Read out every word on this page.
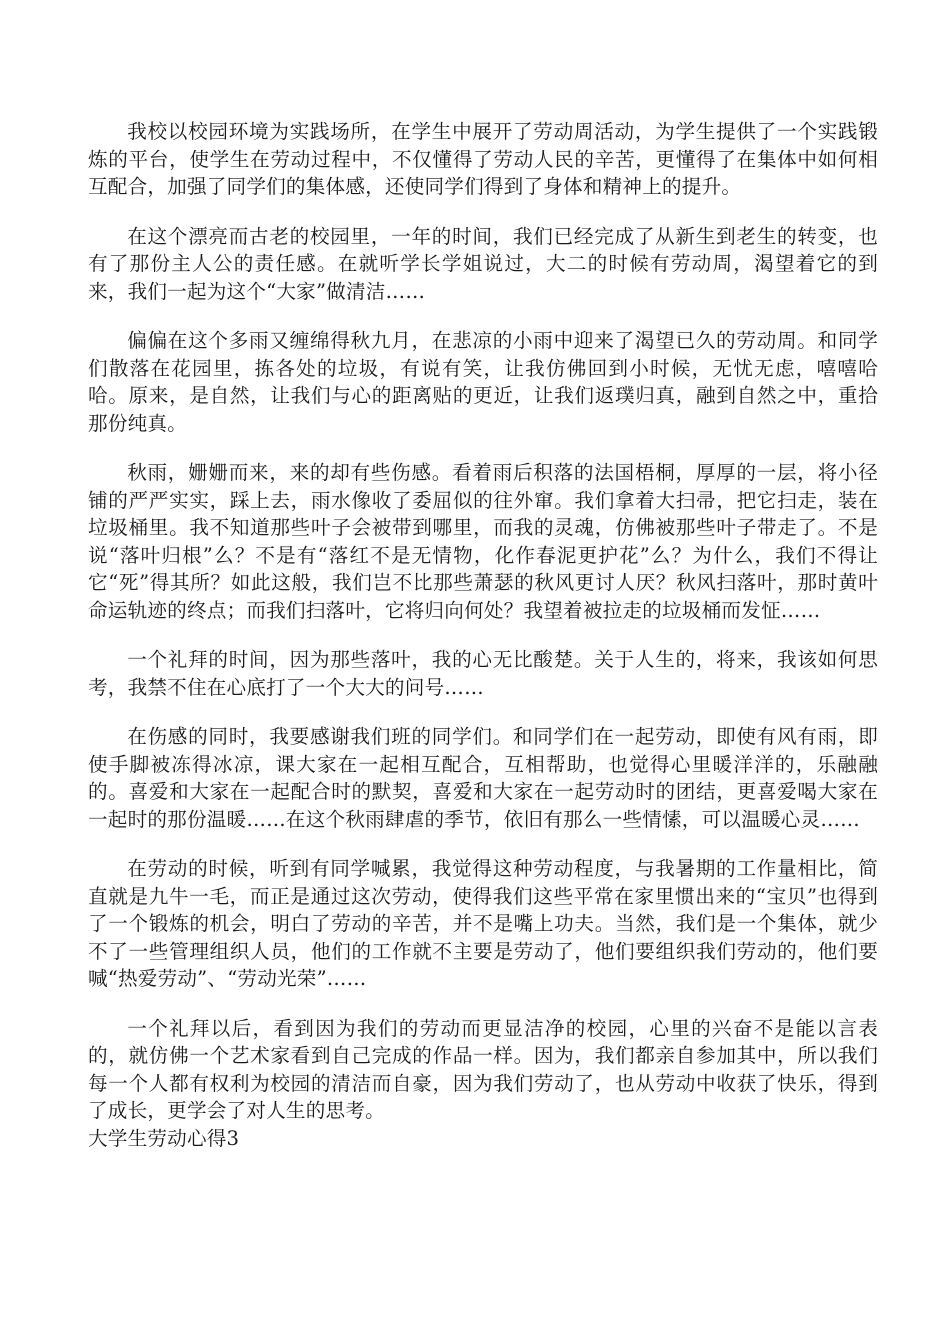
我校以校园环境为实践场所，在学生中展开了劳动周活动，为学生提供了一个实践锻炼的平台，使学生在劳动过程中，不仅懂得了劳动人民的辛苦，更懂得了在集体中如何相互配合，加强了同学们的集体感，还使同学们得到了身体和精神上的提升。

在这个漂亮而古老的校园里，一年的时间，我们已经完成了从新生到老生的转变，也有了那份主人公的责任感。在就听学长学姐说过，大二的时候有劳动周，渴望着它的到来，我们一起为这个“大家”做清洁……

偏偏在这个多雨又缠绵得秋九月，在悲凉的小雨中迎来了渴望已久的劳动周。和同学们散落在花园里，拣各处的垃圾，有说有笑，让我仿佛回到小时候，无忧无虑，嘻嘻哈哈。原来，是自然，让我们与心的距离贴的更近，让我们返璞归真，融到自然之中，重拾那份纯真。

秋雨，姗姗而来，来的却有些伤感。看着雨后积落的法国梧桐，厚厚的一层，将小径铺的严严实实，踩上去，雨水像收了委屈似的往外窜。我们拿着大扫帚，把它扫走，装在垃圾桶里。我不知道那些叶子会被带到哪里，而我的灵魂，仿佛被那些叶子带走了。不是说“落叶归根”么？不是有“落红不是无情物，化作春泥更护花”么？为什么，我们不得让它“死”得其所？如此这般，我们岂不比那些萧瑟的秋风更讨人厌？秋风扫落叶，那时黄叶命运轨迹的终点；而我们扫落叶，它将归向何处？我望着被拉走的垃圾桶而发怔……

一个礼拜的时间，因为那些落叶，我的心无比酸楚。关于人生的，将来，我该如何思考，我禁不住在心底打了一个大大的问号……

在伤感的同时，我要感谢我们班的同学们。和同学们在一起劳动，即使有风有雨，即使手脚被冻得冰凉，课大家在一起相互配合，互相帮助，也觉得心里暖洋洋的，乐融融的。喜爱和大家在一起配合时的默契，喜爱和大家在一起劳动时的团结，更喜爱喝大家在一起时的那份温暖……在这个秋雨肆虐的季节，依旧有那么一些情愫，可以温暖心灵……

在劳动的时候，听到有同学喊累，我觉得这种劳动程度，与我暑期的工作量相比，简直就是九牛一毛，而正是通过这次劳动，使得我们这些平常在家里惯出来的“宝贝”也得到了一个锻炼的机会，明白了劳动的辛苦，并不是嘴上功夫。当然，我们是一个集体，就少不了一些管理组织人员，他们的工作就不主要是劳动了，他们要组织我们劳动的，他们要喊“热爱劳动”、“劳动光荣”……

一个礼拜以后，看到因为我们的劳动而更显洁净的校园，心里的兴奋不是能以言表的，就仿佛一个艺术家看到自己完成的作品一样。因为，我们都亲自参加其中，所以我们每一个人都有权利为校园的清洁而自豪，因为我们劳动了，也从劳动中收获了快乐，得到了成长，更学会了对人生的思考。

大学生劳动心得3
